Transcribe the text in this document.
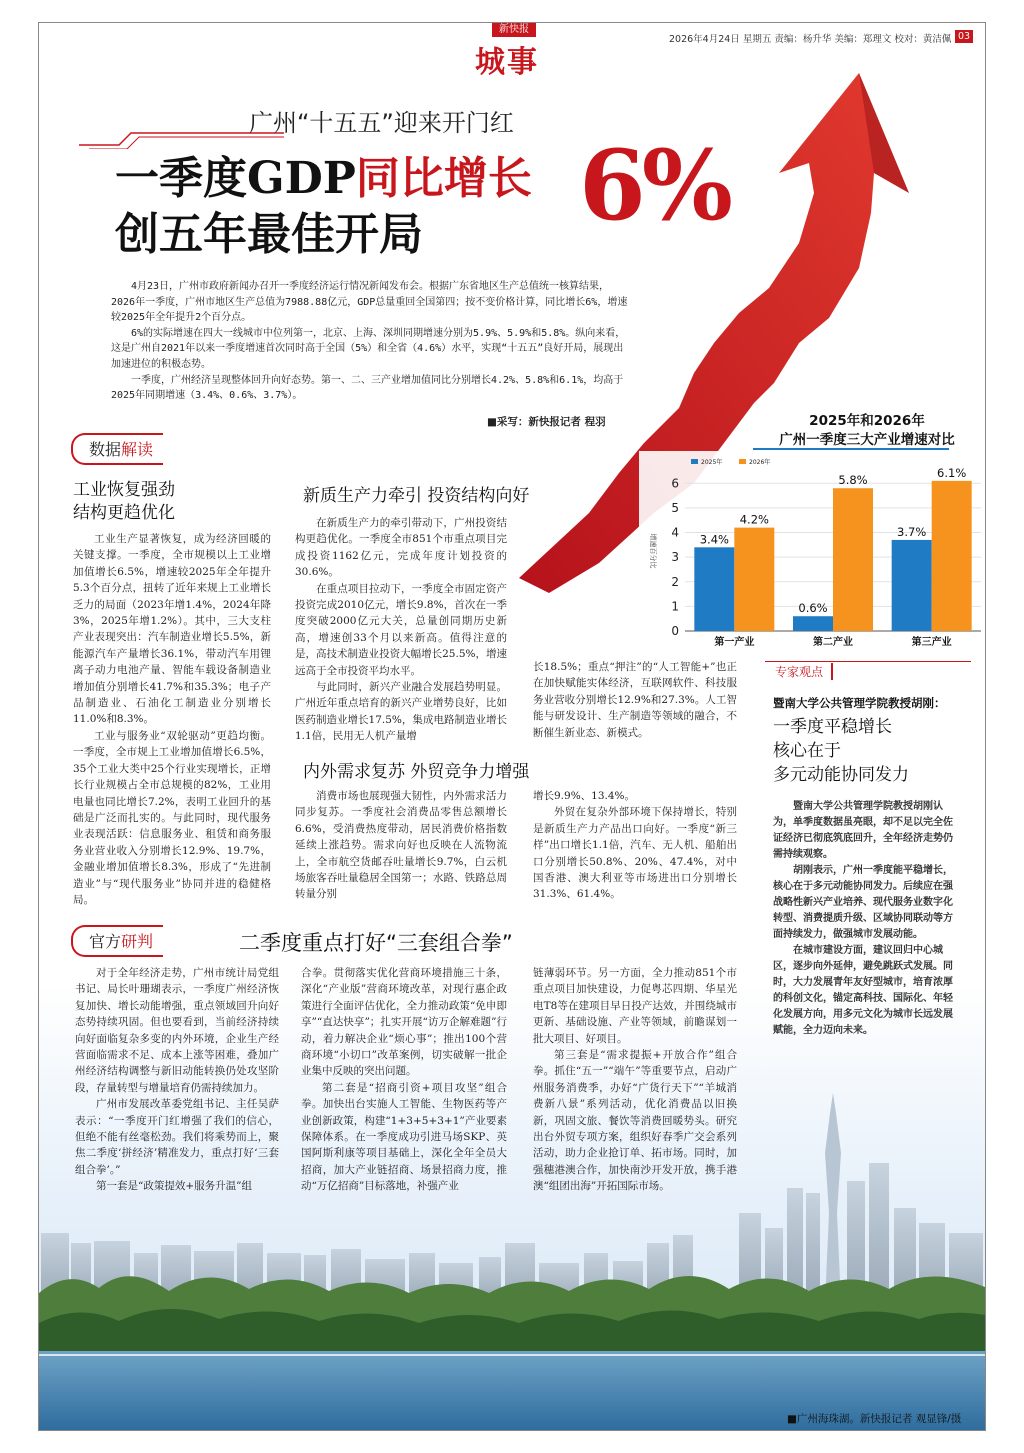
新快报
城事
2026年4月24日 星期五 责编：杨升华 美编：郑理文 校对：黄洁佩 03
广州“十五五”迎来开门红
一季度GDP同比增长 6%
创五年最佳开局

4月23日，广州市政府新闻办召开一季度经济运行情况新闻发布会。根据广东省地区生产总值统一核算结果，2026年一季度，广州市地区生产总值为7988.88亿元，GDP总量重回全国第四；按不变价格计算，同比增长6%，增速较2025年全年提升2个百分点。

6%的实际增速在四大一线城市中位列第一，北京、上海、深圳同期增速分别为5.9%、5.9%和5.8%。纵向来看，这是广州自2021年以来一季度增速首次同时高于全国（5%）和全省（4.6%）水平，实现“十五五”良好开局，展现出加速进位的积极态势。

一季度，广州经济呈现整体回升向好态势。第一、二、三产业增加值同比分别增长4.2%、5.8%和6.1%，均高于2025年同期增速（3.4%、0.6%、3.7%）。

■采写：新快报记者 程羽	2025年和2026年
广州一季度三大产业增速对比
0
1
2
3
4
5
6
增速百分比	3.4%
4.2%
第一产业
0.6%
5.8%
第二产业
3.7%
6.1%
第三产业
2025年	2026年
数据解读
工业恢复强劲
结构更趋优化

工业生产显著恢复，成为经济回暖的关键支撑。一季度，全市规模以上工业增加值增长6.5%，增速较2025年全年提升5.3个百分点，扭转了近年来规上工业增长乏力的局面（2023年增1.4%，2024年降3%，2025年增1.2%）。其中，三大支柱产业表现突出：汽车制造业增长5.5%，新能源汽车产量增长36.1%，带动汽车用锂离子动力电池产量、智能车载设备制造业增加值分别增长41.7%和35.3%；电子产品制造业、石油化工制造业分别增长11.0%和8.3%。

工业与服务业“双轮驱动”更趋均衡。一季度，全市规上工业增加值增长6.5%，35个工业大类中25个行业实现增长，正增长行业规模占全市总规模的82%，工业用电量也同比增长7.2%，表明工业回升的基础是广泛而扎实的。与此同时，现代服务业表现活跃：信息服务业、租赁和商务服务业营业收入分别增长12.9%、19.7%，金融业增加值增长8.3%，形成了“先进制造业”与“现代服务业”协同并进的稳健格局。

新质生产力牵引 投资结构向好

在新质生产力的牵引带动下，广州投资结构更趋优化。一季度全市851个市重点项目完成投资1162亿元，完成年度计划投资的30.6%。

在重点项目拉动下，一季度全市固定资产投资完成2010亿元，增长9.8%，首次在一季度突破2000亿元大关，总量创同期历史新高，增速创33个月以来新高。值得注意的是，高技术制造业投资大幅增长25.5%，增速远高于全市投资平均水平。

与此同时，新兴产业融合发展趋势明显。广州近年重点培育的新兴产业增势良好，比如医药制造业增长17.5%，集成电路制造业增长1.1倍，民用无人机产量增

长18.5%；重点“押注”的“人工智能+”也正在加快赋能实体经济，互联网软件、科技服务业营收分别增长12.9%和27.3%。人工智能与研发设计、生产制造等领域的融合，不断催生新业态、新模式。

内外需求复苏 外贸竞争力增强

消费市场也展现强大韧性，内外需求活力同步复苏。一季度社会消费品零售总额增长6.6%，受消费热度带动，居民消费价格指数延续上涨趋势。需求向好也反映在人流物流上，全市航空货邮吞吐量增长9.7%，白云机场旅客吞吐量稳居全国第一；水路、铁路总周转量分别

增长9.9%、13.4%。

外贸在复杂外部环境下保持增长，特别是新质生产力产品出口向好。一季度“新三样”出口增长1.1倍，汽车、无人机、船舶出口分别增长50.8%、20%、47.4%，对中国香港、澳大利亚等市场进出口分别增长31.3%、61.4%。

专家观点
暨南大学公共管理学院教授胡刚：
一季度平稳增长
核心在于
多元动能协同发力

暨南大学公共管理学院教授胡刚认为，单季度数据虽亮眼，却不足以完全佐证经济已彻底筑底回升，全年经济走势仍需持续观察。

胡刚表示，广州一季度能平稳增长，核心在于多元动能协同发力。后续应在强战略性新兴产业培养、现代服务业数字化转型、消费提质升级、区域协同联动等方面持续发力，做强城市发展动能。

在城市建设方面，建议回归中心城区，逐步向外延伸，避免跳跃式发展。同时，大力发展青年友好型城市，培育浓厚的科创文化，锚定高科技、国际化、年轻化发展方向，用多元文化为城市长远发展赋能，全力迈向未来。

官方研判	二季度重点打好“三套组合拳”

对于全年经济走势，广州市统计局党组书记、局长叶珊瑚表示，一季度广州经济恢复加快、增长动能增强，重点领域回升向好态势持续巩固。但也要看到，当前经济持续向好面临复杂多变的内外环境，企业生产经营面临需求不足、成本上涨等困难，叠加广州经济结构调整与新旧动能转换仍处攻坚阶段，存量转型与增量培育仍需持续加力。

广州市发展改革委党组书记、主任吴萨表示：“一季度开门红增强了我们的信心，但绝不能有丝毫松劲。我们将乘势而上，聚焦二季度‘拼经济’精准发力，重点打好‘三套组合拳’。”

第一套是“政策提效+服务升温”组

合拳。贯彻落实优化营商环境措施三十条，深化“产业版”营商环境改革，对现行惠企政策进行全面评估优化，全力推动政策“免申即享”“直达快享”；扎实开展“访万企解难题”行动，着力解决企业“烦心事”；推出100个营商环境“小切口”改革案例，切实破解一批企业集中反映的突出问题。

第二套是“招商引资+项目攻坚”组合拳。加快出台实施人工智能、生物医药等产业创新政策，构建“1+3+5+3+1”产业要素保障体系。在一季度成功引进马场SKP、英国阿斯利康等项目基础上，深化全年全员大招商，加大产业链招商、场景招商力度，推动“万亿招商”目标落地，补强产业

链薄弱环节。另一方面，全力推动851个市重点项目加快建设，力促粤芯四期、华星光电T8等在建项目早日投产达效，并围绕城市更新、基础设施、产业等领域，前瞻谋划一批大项目、好项目。

第三套是“需求提振+开放合作”组合拳。抓住“五一”“端午”等重要节点，启动广州服务消费季，办好“广货行天下”“羊城消费新八景”系列活动，优化消费品以旧换新，巩固文旅、餐饮等消费回暖势头。研究出台外贸专项方案，组织好春季广交会系列活动，助力企业抢订单、拓市场。同时，加强穗港澳合作，加快南沙开发开放，携手港澳“组团出海”开拓国际市场。

■广州海珠湖。新快报记者 观显锋/摄
